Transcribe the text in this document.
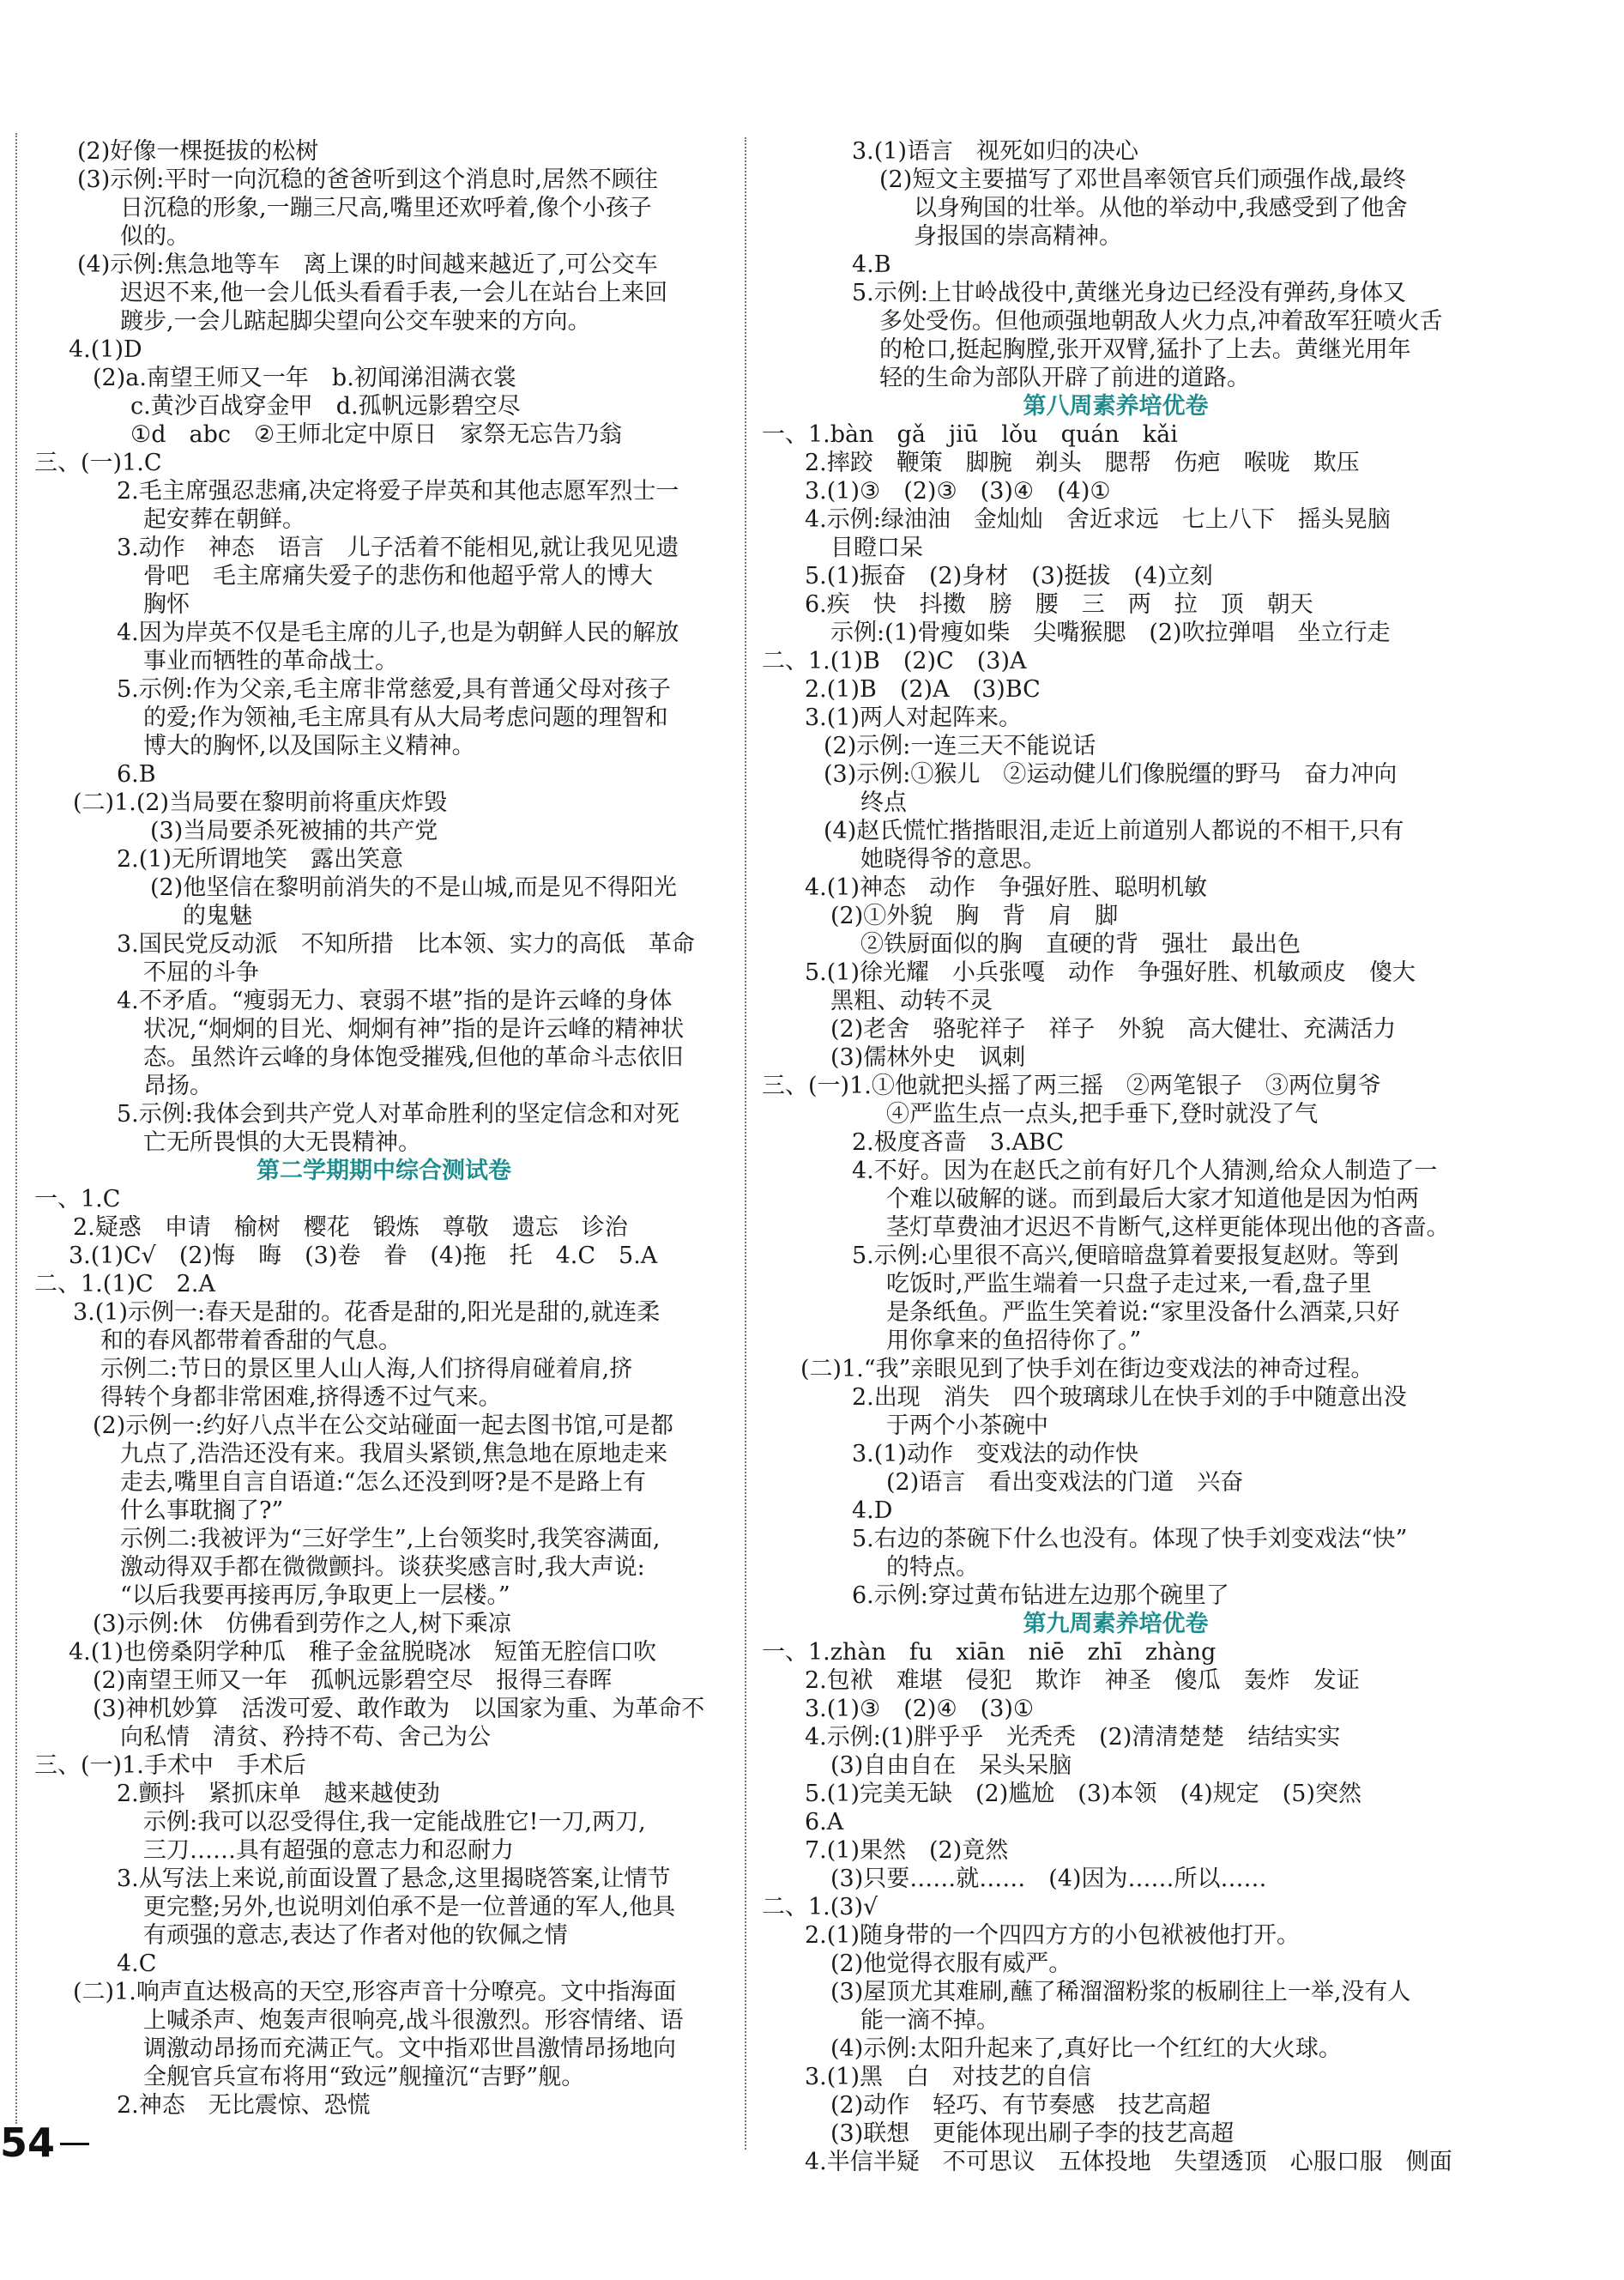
(2)好像一棵挺拔的松树

(3)示例:平时一向沉稳的爸爸听到这个消息时,居然不顾往

日沉稳的形象,一蹦三尺高,嘴里还欢呼着,像个小孩子

似的。

(4)示例:焦急地等车　离上课的时间越来越近了,可公交车

迟迟不来,他一会儿低头看看手表,一会儿在站台上来回

踱步,一会儿踮起脚尖望向公交车驶来的方向。

4.(1)D

(2)a.南望王师又一年　b.初闻涕泪满衣裳

c.黄沙百战穿金甲　d.孤帆远影碧空尽

①d　abc　②王师北定中原日　家祭无忘告乃翁

三、(一)1.C

2.毛主席强忍悲痛,决定将爱子岸英和其他志愿军烈士一

起安葬在朝鲜。

3.动作　神态　语言　儿子活着不能相见,就让我见见遗

骨吧　毛主席痛失爱子的悲伤和他超乎常人的博大

胸怀

4.因为岸英不仅是毛主席的儿子,也是为朝鲜人民的解放

事业而牺牲的革命战士。

5.示例:作为父亲,毛主席非常慈爱,具有普通父母对孩子

的爱;作为领袖,毛主席具有从大局考虑问题的理智和

博大的胸怀,以及国际主义精神。

6.B

(二)1.(2)当局要在黎明前将重庆炸毁

(3)当局要杀死被捕的共产党

2.(1)无所谓地笑　露出笑意

(2)他坚信在黎明前消失的不是山城,而是见不得阳光

的鬼魅

3.国民党反动派　不知所措　比本领、实力的高低　革命

不屈的斗争

4.不矛盾。“瘦弱无力、衰弱不堪”指的是许云峰的身体

状况,“炯炯的目光、炯炯有神”指的是许云峰的精神状

态。虽然许云峰的身体饱受摧残,但他的革命斗志依旧

昂扬。

5.示例:我体会到共产党人对革命胜利的坚定信念和对死

亡无所畏惧的大无畏精神。

第二学期期中综合测试卷

一、1.C

2.疑惑　申请　榆树　樱花　锻炼　尊敬　遗忘　诊治

3.(1)C√　(2)悔　晦　(3)卷　眷　(4)拖　托　4.C　5.A

二、1.(1)C　2.A

3.(1)示例一:春天是甜的。花香是甜的,阳光是甜的,就连柔

和的春风都带着香甜的气息。

示例二:节日的景区里人山人海,人们挤得肩碰着肩,挤

得转个身都非常困难,挤得透不过气来。

(2)示例一:约好八点半在公交站碰面一起去图书馆,可是都

九点了,浩浩还没有来。我眉头紧锁,焦急地在原地走来

走去,嘴里自言自语道:“怎么还没到呀?是不是路上有

什么事耽搁了?”

示例二:我被评为“三好学生”,上台领奖时,我笑容满面,

激动得双手都在微微颤抖。谈获奖感言时,我大声说:

“以后我要再接再厉,争取更上一层楼。”

(3)示例:休　仿佛看到劳作之人,树下乘凉

4.(1)也傍桑阴学种瓜　稚子金盆脱晓冰　短笛无腔信口吹

(2)南望王师又一年　孤帆远影碧空尽　报得三春晖

(3)神机妙算　活泼可爱、敢作敢为　以国家为重、为革命不

向私情　清贫、矜持不苟、舍己为公

三、(一)1.手术中　手术后

2.颤抖　紧抓床单　越来越使劲

示例:我可以忍受得住,我一定能战胜它!一刀,两刀,

三刀……具有超强的意志力和忍耐力

3.从写法上来说,前面设置了悬念,这里揭晓答案,让情节

更完整;另外,也说明刘伯承不是一位普通的军人,他具

有顽强的意志,表达了作者对他的钦佩之情

4.C

(二)1.响声直达极高的天空,形容声音十分嘹亮。文中指海面

上喊杀声、炮轰声很响亮,战斗很激烈。形容情绪、语

调激动昂扬而充满正气。文中指邓世昌激情昂扬地向

全舰官兵宣布将用“致远”舰撞沉“吉野”舰。

2.神态　无比震惊、恐慌

3.(1)语言　视死如归的决心

(2)短文主要描写了邓世昌率领官兵们顽强作战,最终

以身殉国的壮举。从他的举动中,我感受到了他舍

身报国的崇高精神。

4.B

5.示例:上甘岭战役中,黄继光身边已经没有弹药,身体又

多处受伤。但他顽强地朝敌人火力点,冲着敌军狂喷火舌

的枪口,挺起胸膛,张开双臂,猛扑了上去。黄继光用年

轻的生命为部队开辟了前进的道路。

第八周素养培优卷

一、1.bàn　gǎ　jiū　lǒu　quán　kǎi

2.摔跤　鞭策　脚腕　剃头　腮帮　伤疤　喉咙　欺压

3.(1)③　(2)③　(3)④　(4)①

4.示例:绿油油　金灿灿　舍近求远　七上八下　摇头晃脑

目瞪口呆

5.(1)振奋　(2)身材　(3)挺拔　(4)立刻

6.疾　快　抖擞　膀　腰　三　两　拉　顶　朝天

示例:(1)骨瘦如柴　尖嘴猴腮　(2)吹拉弹唱　坐立行走

二、1.(1)B　(2)C　(3)A

2.(1)B　(2)A　(3)BC

3.(1)两人对起阵来。

(2)示例:一连三天不能说话

(3)示例:①猴儿　②运动健儿们像脱缰的野马　奋力冲向

终点

(4)赵氏慌忙揩揩眼泪,走近上前道别人都说的不相干,只有

她晓得爷的意思。

4.(1)神态　动作　争强好胜、聪明机敏

(2)①外貌　胸　背　肩　脚

②铁厨面似的胸　直硬的背　强壮　最出色

5.(1)徐光耀　小兵张嘎　动作　争强好胜、机敏顽皮　傻大

黑粗、动转不灵

(2)老舍　骆驼祥子　祥子　外貌　高大健壮、充满活力

(3)儒林外史　讽刺

三、(一)1.①他就把头摇了两三摇　②两笔银子　③两位舅爷

④严监生点一点头,把手垂下,登时就没了气

2.极度吝啬　3.ABC

4.不好。因为在赵氏之前有好几个人猜测,给众人制造了一

个难以破解的谜。而到最后大家才知道他是因为怕两

茎灯草费油才迟迟不肯断气,这样更能体现出他的吝啬。

5.示例:心里很不高兴,便暗暗盘算着要报复赵财。等到

吃饭时,严监生端着一只盘子走过来,一看,盘子里

是条纸鱼。严监生笑着说:“家里没备什么酒菜,只好

用你拿来的鱼招待你了。”

(二)1.“我”亲眼见到了快手刘在街边变戏法的神奇过程。

2.出现　消失　四个玻璃球儿在快手刘的手中随意出没

于两个小茶碗中

3.(1)动作　变戏法的动作快

(2)语言　看出变戏法的门道　兴奋

4.D

5.右边的茶碗下什么也没有。体现了快手刘变戏法“快”

的特点。

6.示例:穿过黄布钻进左边那个碗里了

第九周素养培优卷

一、1.zhàn　fu　xiān　niē　zhī　zhàng

2.包袱　难堪　侵犯　欺诈　神圣　傻瓜　轰炸　发证

3.(1)③　(2)④　(3)①

4.示例:(1)胖乎乎　光秃秃　(2)清清楚楚　结结实实

(3)自由自在　呆头呆脑

5.(1)完美无缺　(2)尴尬　(3)本领　(4)规定　(5)突然

6.A

7.(1)果然　(2)竟然

(3)只要……就……　(4)因为……所以……

二、1.(3)√

2.(1)随身带的一个四四方方的小包袱被他打开。

(2)他觉得衣服有威严。

(3)屋顶尤其难刷,蘸了稀溜溜粉浆的板刷往上一举,没有人

能一滴不掉。

(4)示例:太阳升起来了,真好比一个红红的大火球。

3.(1)黑　白　对技艺的自信

(2)动作　轻巧、有节奏感　技艺高超

(3)联想　更能体现出刷子李的技艺高超

4.半信半疑　不可思议　五体投地　失望透顶　心服口服　侧面

54
